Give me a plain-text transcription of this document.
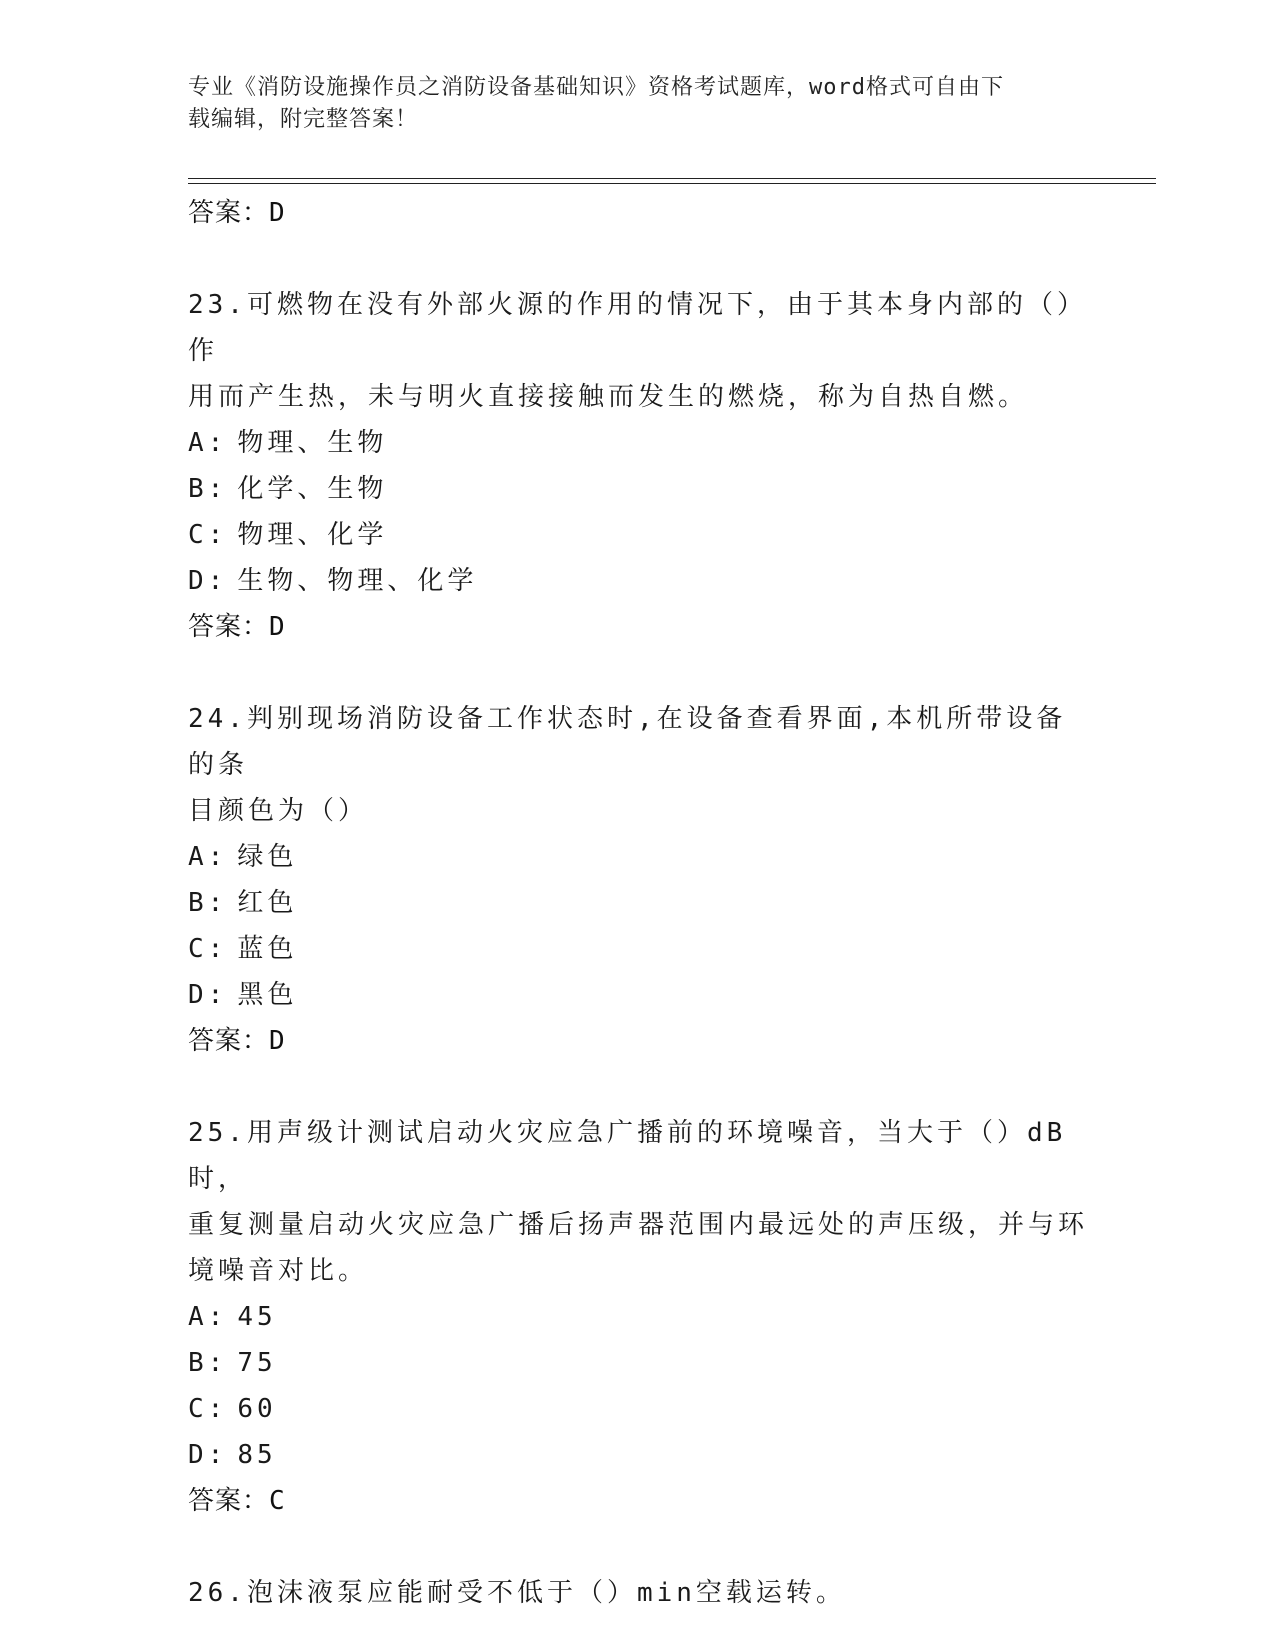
专业《消防设施操作员之消防设备基础知识》资格考试题库，word格式可自由下
载编辑，附完整答案！
答案：D
23.可燃物在没有外部火源的作用的情况下，由于其本身内部的（）作
用而产生热，未与明火直接接触而发生的燃烧，称为自热自燃。
A: 物理、生物
B: 化学、生物
C: 物理、化学
D: 生物、物理、化学
答案：D
24.判别现场消防设备工作状态时,在设备查看界面,本机所带设备的条
目颜色为（）
A: 绿色
B: 红色
C: 蓝色
D: 黑色
答案：D
25.用声级计测试启动火灾应急广播前的环境噪音，当大于（）dB时，
重复测量启动火灾应急广播后扬声器范围内最远处的声压级，并与环
境噪音对比。
A: 45
B: 75
C: 60
D: 85
答案：C
26.泡沫液泵应能耐受不低于（）min空载运转。
